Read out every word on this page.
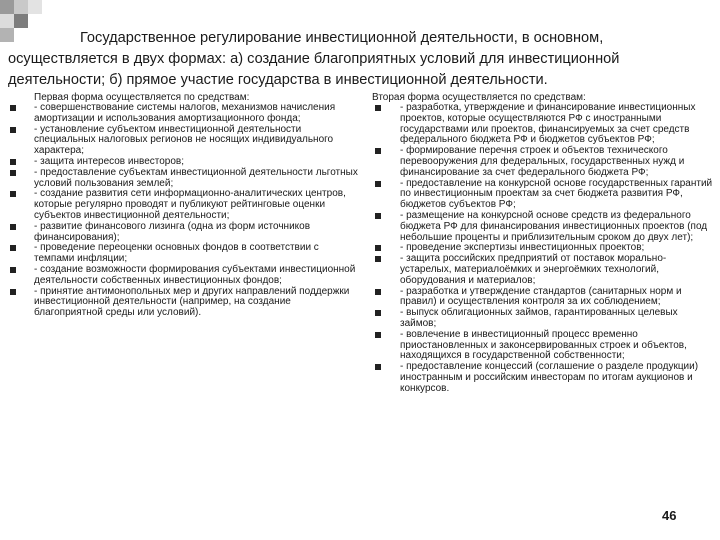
Государственное регулирование инвестиционной деятельности, в основном, осуществляется в двух формах: а) создание благоприятных условий для инвестиционной деятельности; б) прямое участие государства в инвестиционной деятельности.
Первая форма осуществляется по средствам:
- совершенствование системы налогов, механизмов начисления амортизации и использования амортизационного фонда;
- установление субъектом инвестиционной деятельности специальных налоговых регионов не носящих индивидуального характера;
- защита интересов инвесторов;
- предоставление субъектам инвестиционной деятельности льготных условий пользования землей;
- создание развития сети информационно-аналитических центров, которые регулярно проводят и публикуют рейтинговые оценки субъектов инвестиционной деятельности;
- развитие финансового лизинга (одна из форм источников финансирования);
- проведение переоценки основных фондов в соответствии с темпами инфляции;
- создание возможности формирования субъектами инвестиционной деятельности собственных инвестиционных фондов;
- принятие антимонопольных мер и других направлений поддержки инвестиционной деятельности (например, на создание благоприятной среды или условий).
Вторая форма осуществляется по средствам:
- разработка, утверждение и финансирование инвестиционных проектов, которые осуществляются РФ с иностранными государствами или проектов, финансируемых за счет средств федерального бюджета РФ и бюджетов субъектов РФ;
- формирование перечня строек и объектов технического перевооружения для федеральных, государственных нужд и финансирование за счет федерального бюджета РФ;
- предоставление на конкурсной основе государственных гарантий по инвестиционным проектам за счет бюджета развития РФ, бюджетов субъектов РФ;
- размещение на конкурсной основе средств из федерального бюджета РФ для финансирования инвестиционных проектов (под небольшие проценты и приблизительным сроком до двух лет);
- проведение экспертизы инвестиционных проектов;
- защита российских предприятий от поставок морально-устарелых, материалоёмких и энергоёмких технологий, оборудования и материалов;
- разработка и утверждение стандартов (санитарных норм и правил) и осуществления контроля за их соблюдением;
- выпуск облигационных займов, гарантированных целевых займов;
- вовлечение в инвестиционный процесс временно приостановленных и законсервированных строек и объектов, находящихся в государственной собственности;
- предоставление концессий (соглашение о разделе продукции) иностранным и российским инвесторам по итогам аукционов и конкурсов.
46
